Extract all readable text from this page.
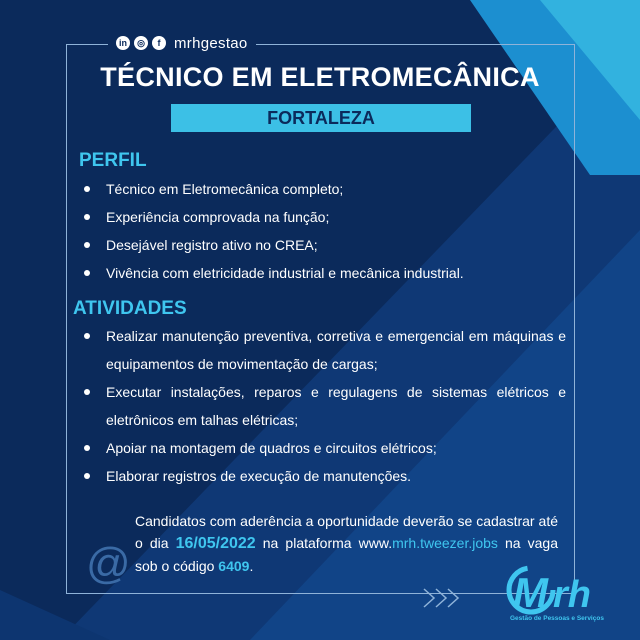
in	◎	f mrhgestao
TÉCNICO EM ELETROMECÂNICA
FORTALEZA
PERFIL
Técnico em Eletromecânica completo;
Experiência comprovada na função;
Desejável registro ativo no CREA;
Vivência com eletricidade industrial e mecânica industrial.
ATIVIDADES
Realizar manutenção preventiva, corretiva e emergencial em máquinas e equipamentos de movimentação de cargas;
Executar instalações, reparos e regulagens de sistemas elétricos e eletrônicos em talhas elétricas;
Apoiar na montagem de quadros e circuitos elétricos;
Elaborar registros de execução de manutenções.
@
Candidatos com aderência a oportunidade deverão se cadastrar até o dia 16/05/2022 na plataforma www.mrh.tweezer.jobs na vaga sob o código 6409.
M rh
Gestão de Pessoas e Serviços
